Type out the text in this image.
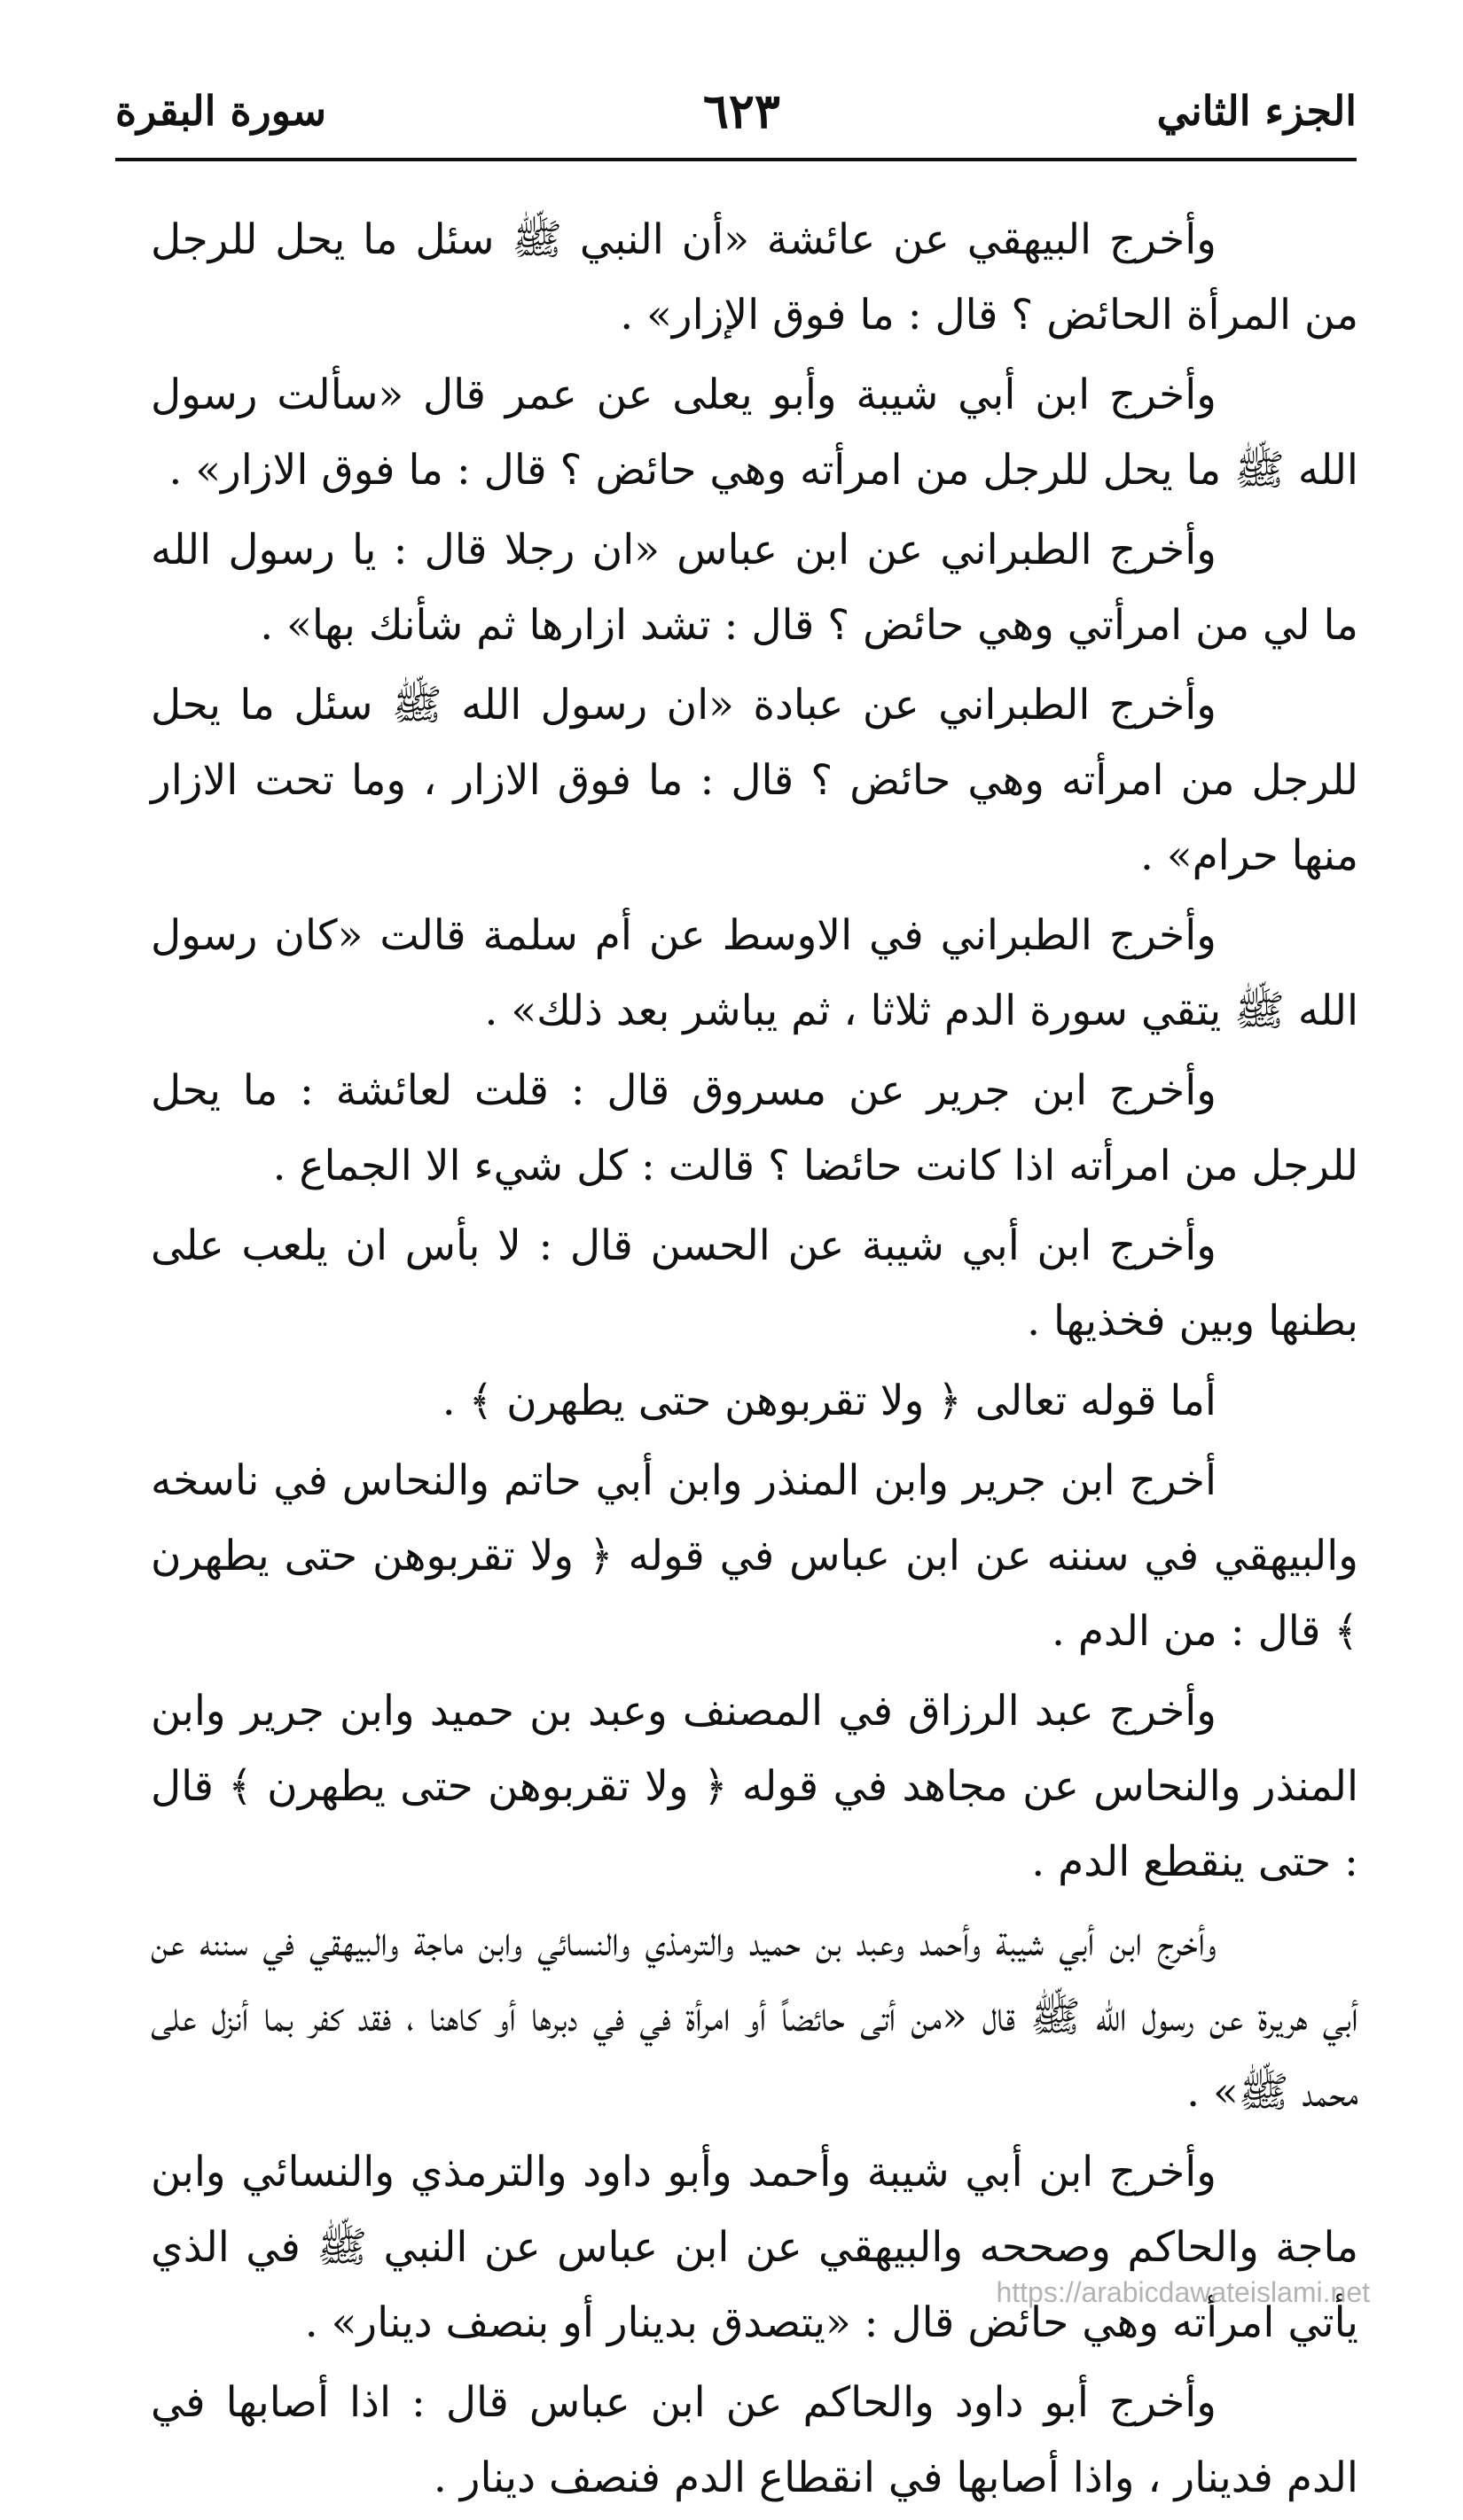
الجزء الثاني
٦٢٣
سورة البقرة

وأخرج البيهقي عن عائشة «أن النبي ﷺ سئل ما يحل للرجل من المرأة الحائض ؟ قال : ما فوق الإزار» .

وأخرج ابن أبي شيبة وأبو يعلى عن عمر قال «سألت رسول الله ﷺ ما يحل للرجل من امرأته وهي حائض ؟ قال : ما فوق الازار» .

وأخرج الطبراني عن ابن عباس «ان رجلا قال : يا رسول الله ما لي من امرأتي وهي حائض ؟ قال : تشد ازارها ثم شأنك بها» .

وأخرج الطبراني عن عبادة «ان رسول الله ﷺ سئل ما يحل للرجل من امرأته وهي حائض ؟ قال : ما فوق الازار ، وما تحت الازار منها حرام» .

وأخرج الطبراني في الاوسط عن أم سلمة قالت «كان رسول الله ﷺ يتقي سورة الدم ثلاثا ، ثم يباشر بعد ذلك» .

وأخرج ابن جرير عن مسروق قال : قلت لعائشة : ما يحل للرجل من امرأته اذا كانت حائضا ؟ قالت : كل شيء الا الجماع .

وأخرج ابن أبي شيبة عن الحسن قال : لا بأس ان يلعب على بطنها وبين فخذيها .

أما قوله تعالى ﴿ ولا تقربوهن حتى يطهرن ﴾ .

أخرج ابن جرير وابن المنذر وابن أبي حاتم والنحاس في ناسخه والبيهقي في سننه عن ابن عباس في قوله ﴿ ولا تقربوهن حتى يطهرن ﴾ قال : من الدم .

وأخرج عبد الرزاق في المصنف وعبد بن حميد وابن جرير وابن المنذر والنحاس عن مجاهد في قوله ﴿ ولا تقربوهن حتى يطهرن ﴾ قال : حتى ينقطع الدم .

وأخرج ابن أبي شيبة وأحمد وعبد بن حميد والترمذي والنسائي وابن ماجة والبيهقي في سننه عن أبي هريرة عن رسول الله ﷺ قال «من أتى حائضاً أو امرأة في في دبرها أو كاهنا ، فقد كفر بما أنزل على محمد ﷺ» .

وأخرج ابن أبي شيبة وأحمد وأبو داود والترمذي والنسائي وابن ماجة والحاكم وصححه والبيهقي عن ابن عباس عن النبي ﷺ في الذي يأتي امرأته وهي حائض قال : «يتصدق بدينار أو بنصف دينار» .

وأخرج أبو داود والحاكم عن ابن عباس قال : اذا أصابها في الدم فدينار ، واذا أصابها في انقطاع الدم فنصف دينار .

https://arabicdawateislami.net
